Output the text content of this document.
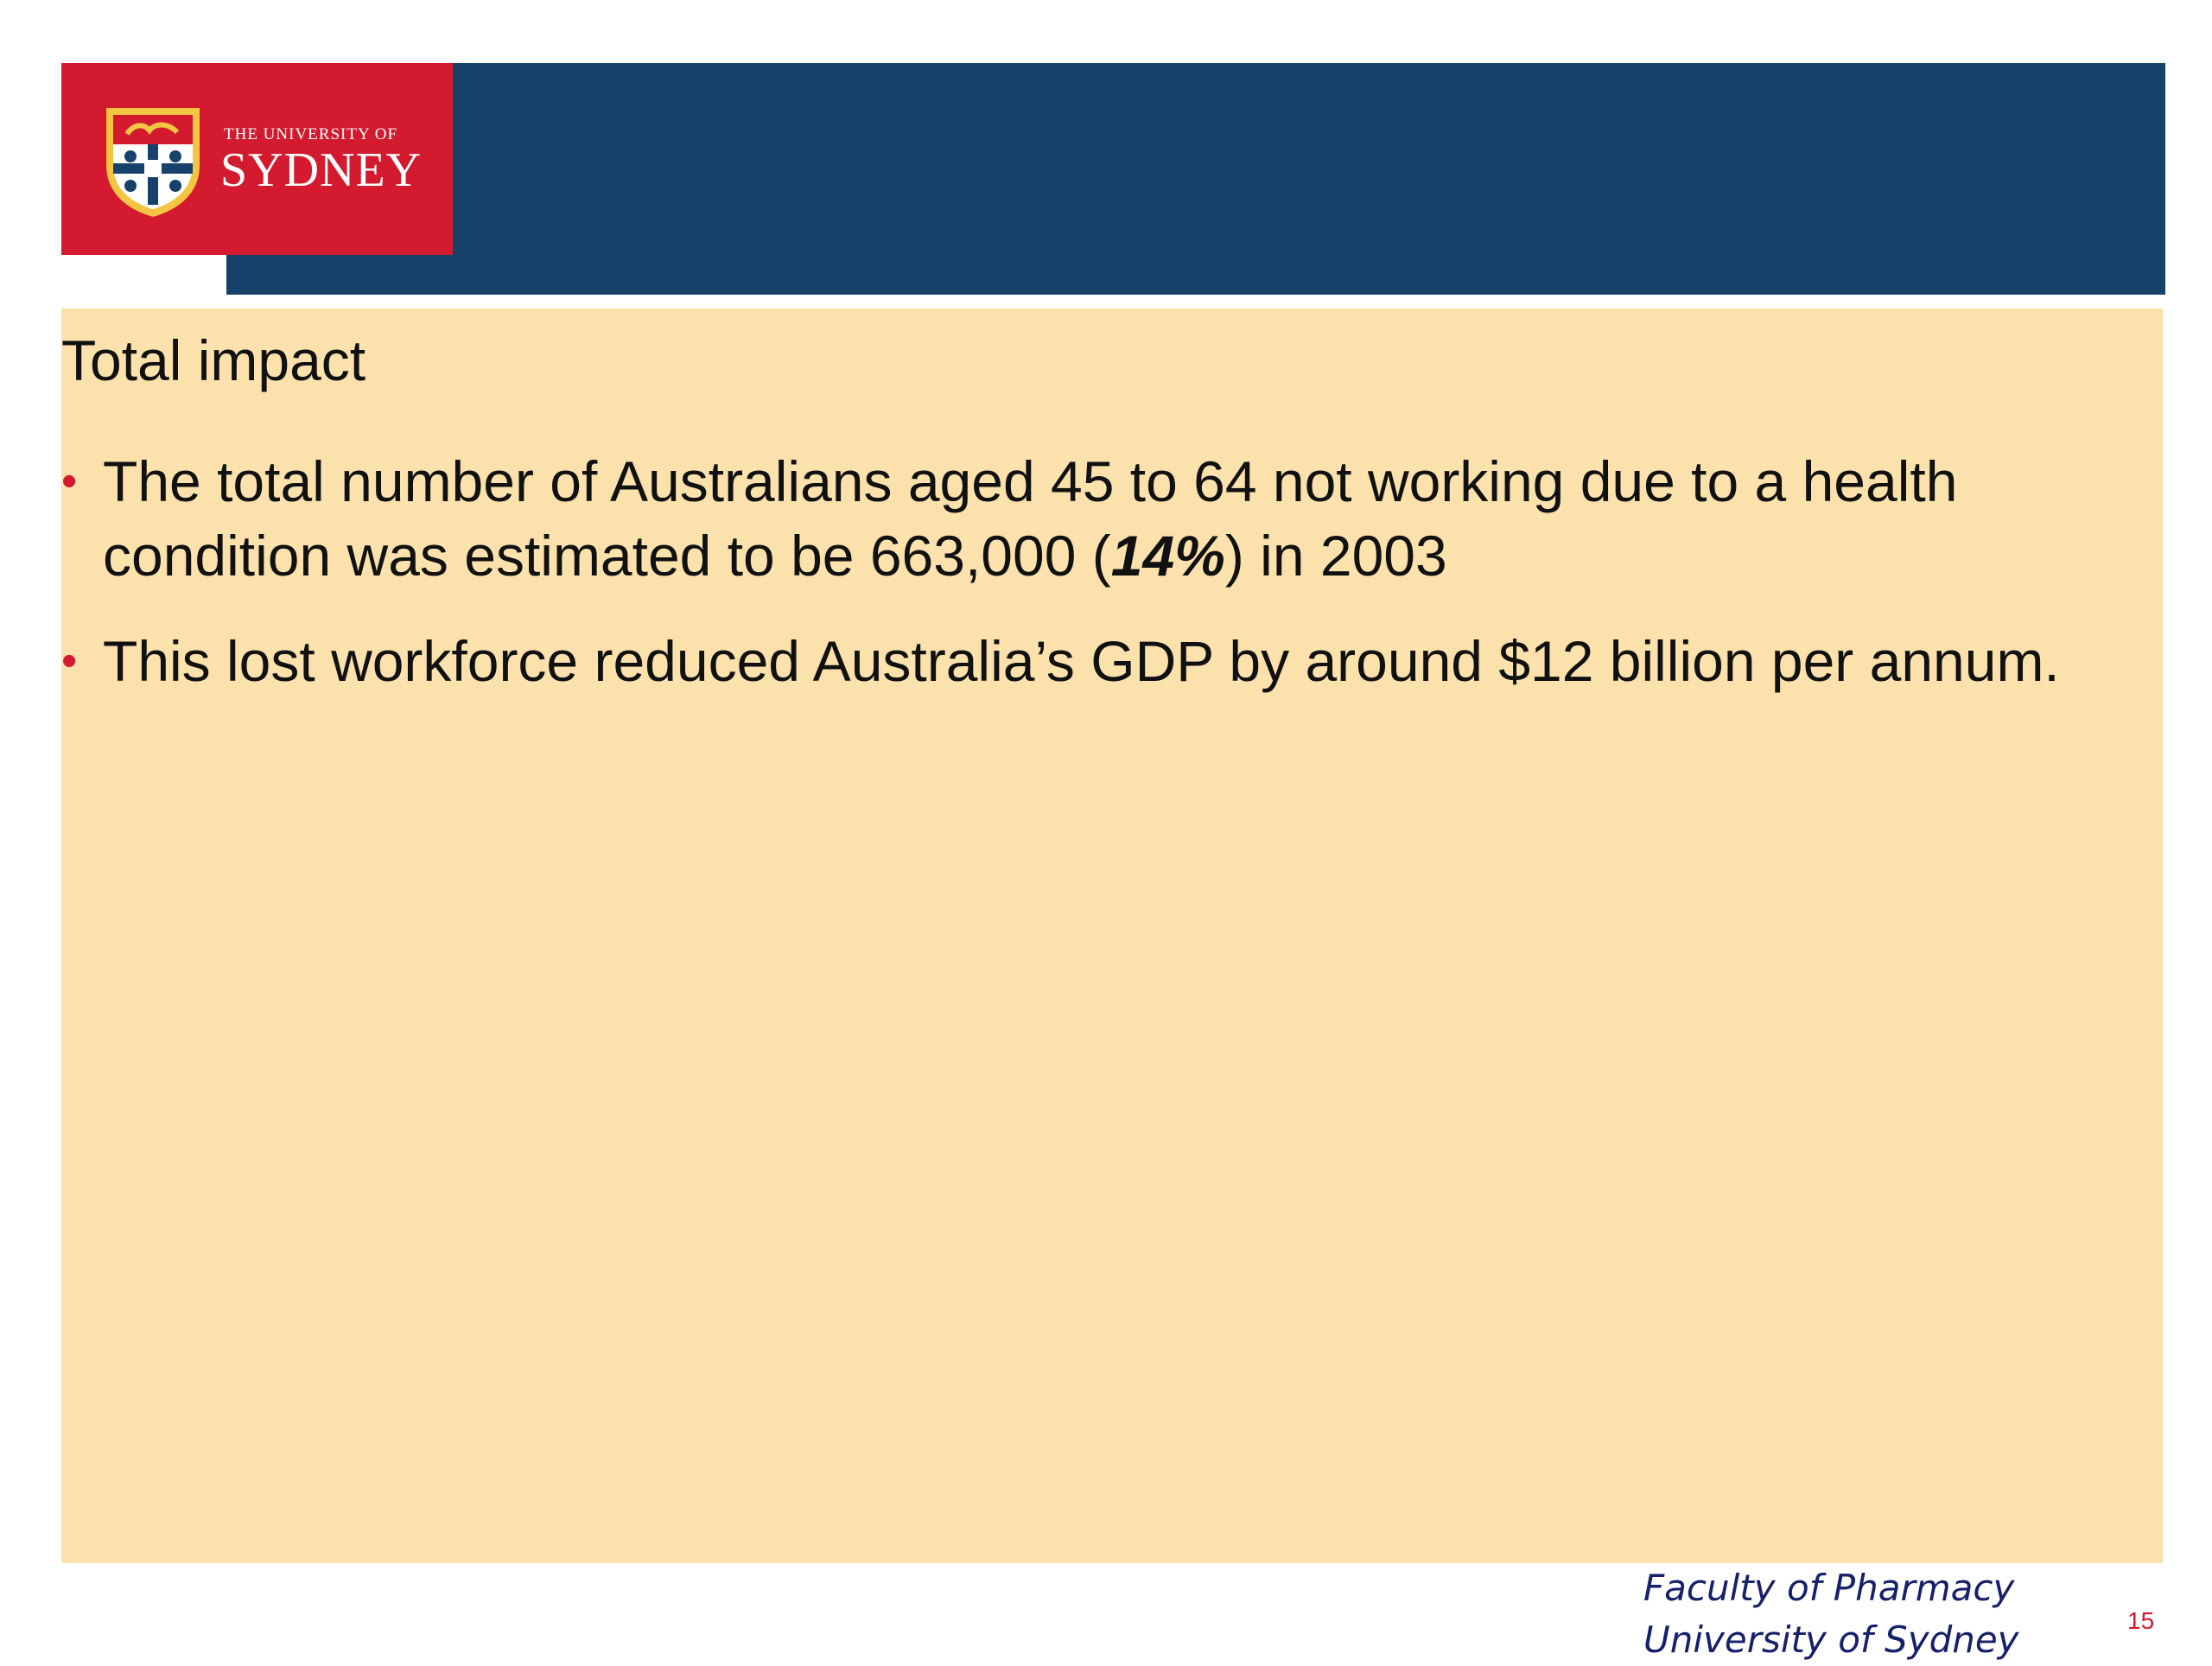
THE UNIVERSITY OF
SYDNEY
Total impact
• The total number of Australians aged 45 to 64 not working due to a health condition was estimated to be 663,000 (14%) in 2003
• This lost workforce reduced Australia’s GDP by around $12 billion per annum.
Faculty of Pharmacy
University of Sydney	15
